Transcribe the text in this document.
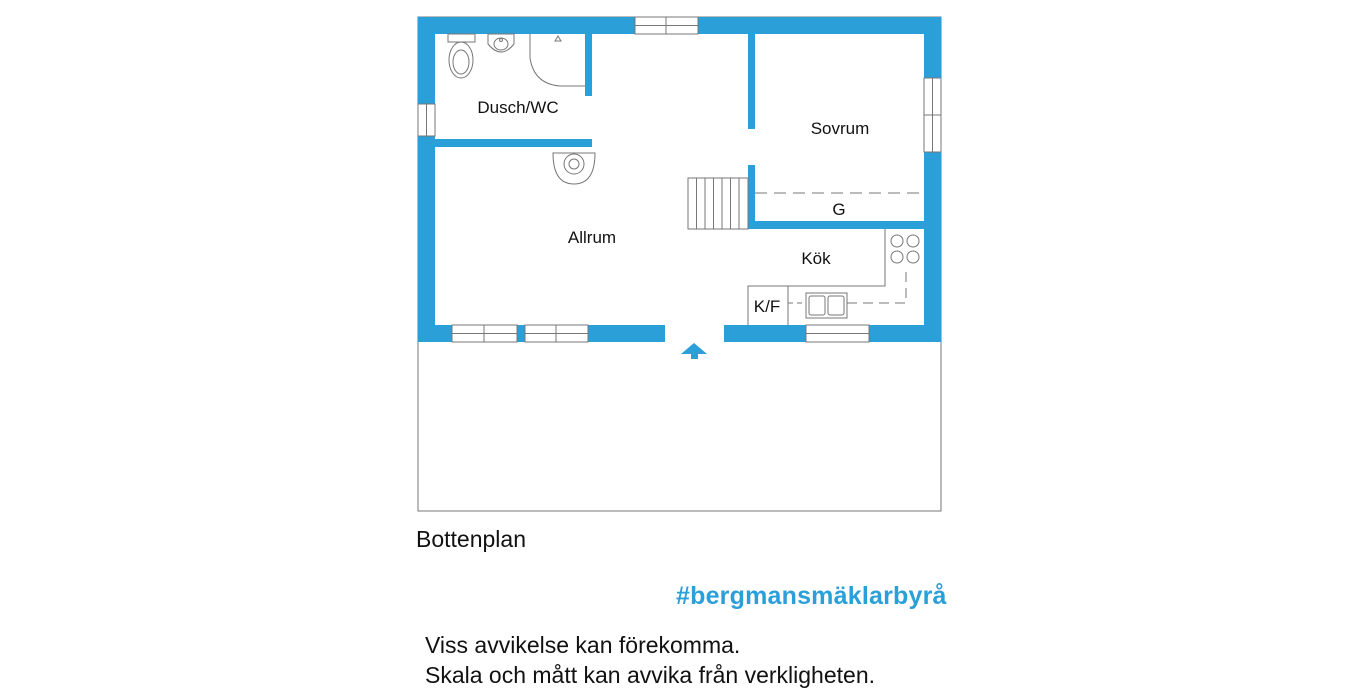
Dusch/WC
Sovrum
G
Allrum
Kök
K/F
Bottenplan
#bergmansmäklarbyrå
Viss avvikelse kan förekomma.
Skala och mått kan avvika från verkligheten.
